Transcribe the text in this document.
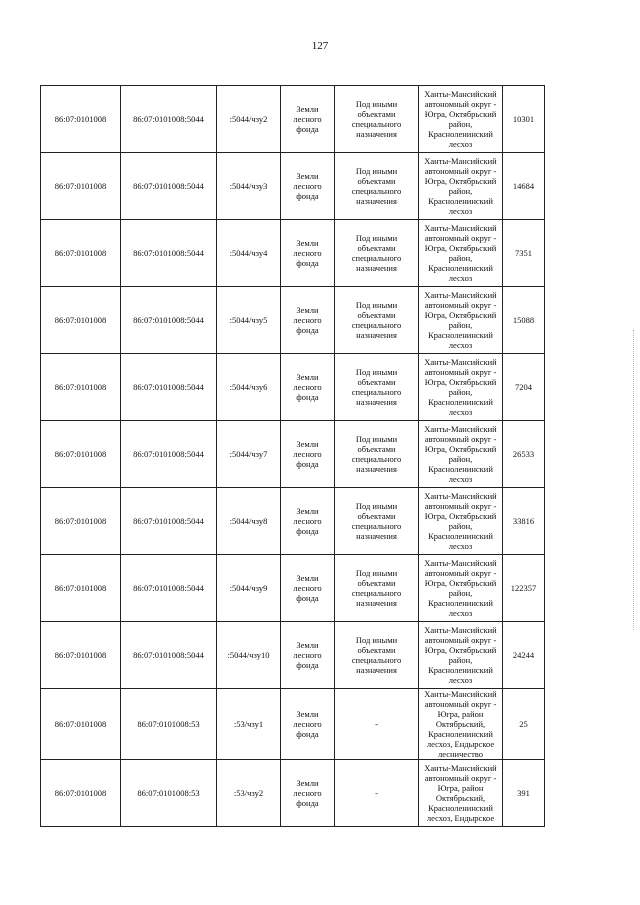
127
86:07:0101008	86:07:0101008:5044	:5044/чзу2	Земли лесного фонда	Под иными объектами специального назначения	Ханты-Мансийский автономный округ - Югра, Октябрьский район, Красноленинский лесхоз	10301
86:07:0101008	86:07:0101008:5044	:5044/чзу3	Земли лесного фонда	Под иными объектами специального назначения	Ханты-Мансийский автономный округ - Югра, Октябрьский район, Красноленинский лесхоз	14684
86:07:0101008	86:07:0101008:5044	:5044/чзу4	Земли лесного фонда	Под иными объектами специального назначения	Ханты-Мансийский автономный округ - Югра, Октябрьский район, Красноленинский лесхоз	7351
86:07:0101008	86:07:0101008:5044	:5044/чзу5	Земли лесного фонда	Под иными объектами специального назначения	Ханты-Мансийский автономный округ - Югра, Октябрьский район, Красноленинский лесхоз	15088
86:07:0101008	86:07:0101008:5044	:5044/чзу6	Земли лесного фонда	Под иными объектами специального назначения	Ханты-Мансийский автономный округ - Югра, Октябрьский район, Красноленинский лесхоз	7204
86:07:0101008	86:07:0101008:5044	:5044/чзу7	Земли лесного фонда	Под иными объектами специального назначения	Ханты-Мансийский автономный округ - Югра, Октябрьский район, Красноленинский лесхоз	26533
86:07:0101008	86:07:0101008:5044	:5044/чзу8	Земли лесного фонда	Под иными объектами специального назначения	Ханты-Мансийский автономный округ - Югра, Октябрьский район, Красноленинский лесхоз	33816
86:07:0101008	86:07:0101008:5044	:5044/чзу9	Земли лесного фонда	Под иными объектами специального назначения	Ханты-Мансийский автономный округ - Югра, Октябрьский район, Красноленинский лесхоз	122357
86:07:0101008	86:07:0101008:5044	:5044/чзу10	Земли лесного фонда	Под иными объектами специального назначения	Ханты-Мансийский автономный округ - Югра, Октябрьский район, Красноленинский лесхоз	24244
86:07:0101008	86:07:0101008:53	:53/чзу1	Земли лесного фонда	-	Ханты-Мансийский автономный округ - Югра, район Октябрьский, Красноленинский лесхоз, Ендырское лесничество	25
86:07:0101008	86:07:0101008:53	:53/чзу2	Земли лесного фонда	-	Ханты-Мансийский автономный округ - Югра, район Октябрьский, Красноленинский лесхоз, Ендырское	391
